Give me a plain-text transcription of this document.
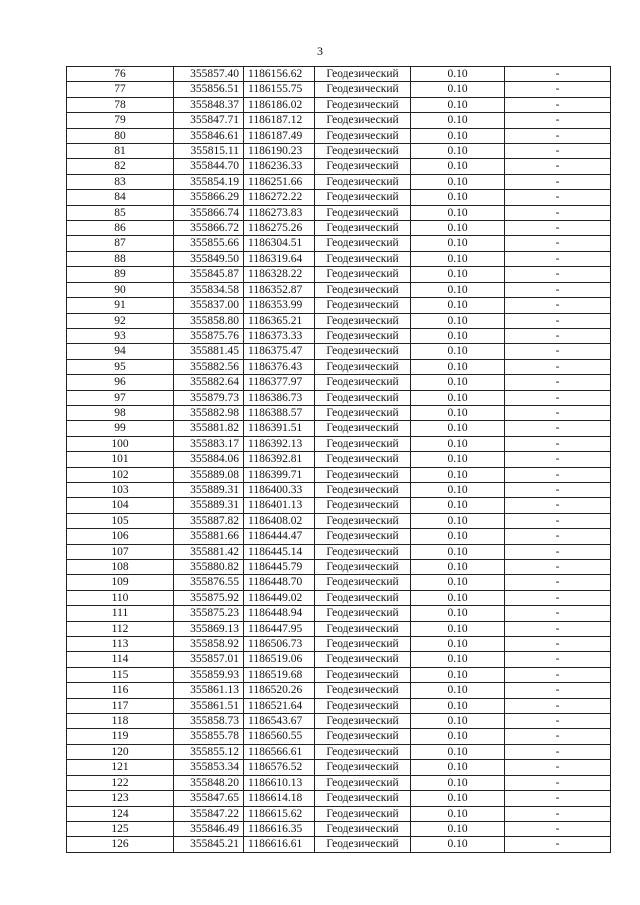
3
76	355857.40	1186156.62	Геодезический	0.10	-
77	355856.51	1186155.75	Геодезический	0.10	-
78	355848.37	1186186.02	Геодезический	0.10	-
79	355847.71	1186187.12	Геодезический	0.10	-
80	355846.61	1186187.49	Геодезический	0.10	-
81	355815.11	1186190.23	Геодезический	0.10	-
82	355844.70	1186236.33	Геодезический	0.10	-
83	355854.19	1186251.66	Геодезический	0.10	-
84	355866.29	1186272.22	Геодезический	0.10	-
85	355866.74	1186273.83	Геодезический	0.10	-
86	355866.72	1186275.26	Геодезический	0.10	-
87	355855.66	1186304.51	Геодезический	0.10	-
88	355849.50	1186319.64	Геодезический	0.10	-
89	355845.87	1186328.22	Геодезический	0.10	-
90	355834.58	1186352.87	Геодезический	0.10	-
91	355837.00	1186353.99	Геодезический	0.10	-
92	355858.80	1186365.21	Геодезический	0.10	-
93	355875.76	1186373.33	Геодезический	0.10	-
94	355881.45	1186375.47	Геодезический	0.10	-
95	355882.56	1186376.43	Геодезический	0.10	-
96	355882.64	1186377.97	Геодезический	0.10	-
97	355879.73	1186386.73	Геодезический	0.10	-
98	355882.98	1186388.57	Геодезический	0.10	-
99	355881.82	1186391.51	Геодезический	0.10	-
100	355883.17	1186392.13	Геодезический	0.10	-
101	355884.06	1186392.81	Геодезический	0.10	-
102	355889.08	1186399.71	Геодезический	0.10	-
103	355889.31	1186400.33	Геодезический	0.10	-
104	355889.31	1186401.13	Геодезический	0.10	-
105	355887.82	1186408.02	Геодезический	0.10	-
106	355881.66	1186444.47	Геодезический	0.10	-
107	355881.42	1186445.14	Геодезический	0.10	-
108	355880.82	1186445.79	Геодезический	0.10	-
109	355876.55	1186448.70	Геодезический	0.10	-
110	355875.92	1186449.02	Геодезический	0.10	-
111	355875.23	1186448.94	Геодезический	0.10	-
112	355869.13	1186447.95	Геодезический	0.10	-
113	355858.92	1186506.73	Геодезический	0.10	-
114	355857.01	1186519.06	Геодезический	0.10	-
115	355859.93	1186519.68	Геодезический	0.10	-
116	355861.13	1186520.26	Геодезический	0.10	-
117	355861.51	1186521.64	Геодезический	0.10	-
118	355858.73	1186543.67	Геодезический	0.10	-
119	355855.78	1186560.55	Геодезический	0.10	-
120	355855.12	1186566.61	Геодезический	0.10	-
121	355853.34	1186576.52	Геодезический	0.10	-
122	355848.20	1186610.13	Геодезический	0.10	-
123	355847.65	1186614.18	Геодезический	0.10	-
124	355847.22	1186615.62	Геодезический	0.10	-
125	355846.49	1186616.35	Геодезический	0.10	-
126	355845.21	1186616.61	Геодезический	0.10	-
